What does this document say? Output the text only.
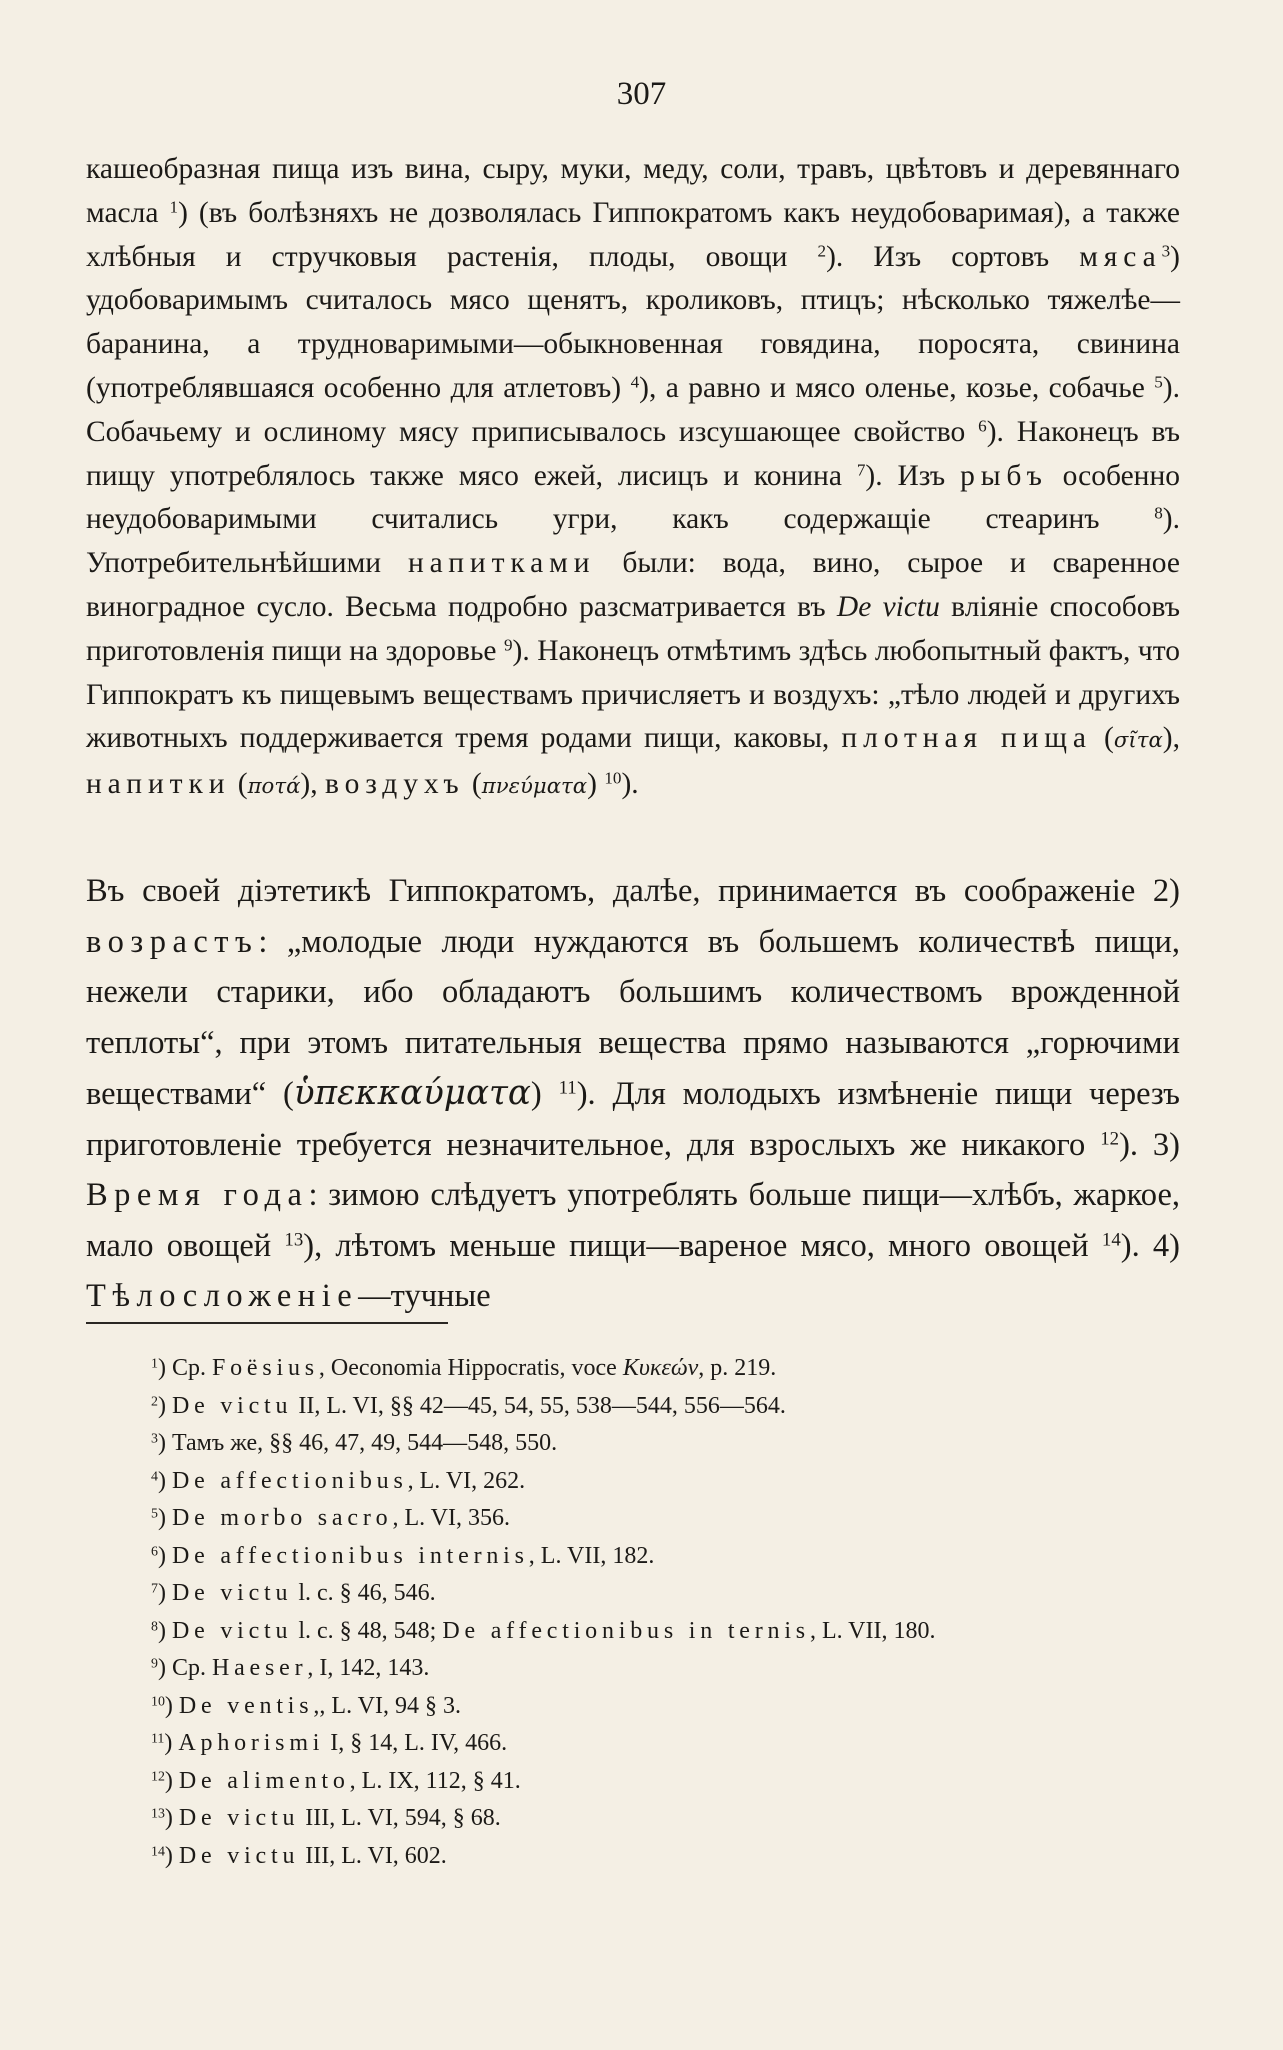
307

кашеобразная пища изъ вина, сыру, муки, меду, соли, травъ, цвѣтовъ и деревяннаго масла $^1$) (въ болѣзняхъ не дозволялась Гиппократомъ какъ неудобоваримая), а также хлѣбныя и стручковыя растенія, плоды, овощи $^2$). Изъ сортовъ мяса$^3$) удобоваримымъ считалось мясо щенятъ, кроликовъ, птицъ; нѣсколько тяжелѣе—баранина, а трудноваримыми—обыкновенная говядина, поросята, свинина (употреблявшаяся особенно для атлетовъ) $^4$), а равно и мясо оленье, козье, собачье $^5$). Собачьему и ослиному мясу приписывалось изсушающее свойство $^6$). Наконецъ въ пищу употреблялось также мясо ежей, лисицъ и конина $^7$). Изъ рыбъ особенно неудобоваримыми считались угри, какъ содержащіе стеаринъ $^8$). Употребительнѣйшими напитками были: вода, вино, сырое и сваренное виноградное сусло. Весьма подробно разсматривается въ De victu вліяніе способовъ приготовленія пищи на здоровье $^9$). Наконецъ отмѣтимъ здѣсь любопытный фактъ, что Гиппократъ къ пищевымъ веществамъ причисляетъ и воздухъ: „тѣло людей и другихъ животныхъ поддерживается тремя родами пищи, каковы, плотная пища (σῖτα), напитки (ποτά), воздухъ (πνεύματα) $^{10}$).

Въ своей діэтетикѣ Гиппократомъ, далѣе, принимается въ соображеніе 2) возрастъ: „молодые люди нуждаются въ большемъ количествѣ пищи, нежели старики, ибо обладаютъ большимъ количествомъ врожденной теплоты“, при этомъ питательныя вещества прямо называются „горючими веществами“ (ὑπεκκαύματα) $^{11}$). Для молодыхъ измѣненіе пищи черезъ приготовленіе требуется незначительное, для взрослыхъ же никакого $^{12}$). 3) Время года: зимою слѣдуетъ употреблять больше пищи—хлѣбъ, жаркое, мало овощей $^{13}$), лѣтомъ меньше пищи—вареное мясо, много овощей $^{14}$). 4) Тѣлосложеніе—тучные

$^1$) Ср. Foësius, Oeconomia Hippocratis, voce Κυκεών, p. 219.
$^2$) De victu II, L. VI, §§ 42—45, 54, 55, 538—544, 556—564.
$^3$) Тамъ же, §§ 46, 47, 49, 544—548, 550.
$^4$) De affectionibus, L. VI, 262.
$^5$) De morbo sacro, L. VI, 356.
$^6$) De affectionibus internis, L. VII, 182.
$^7$) De victu l. c. § 46, 546.
$^8$) De victu l. c. § 48, 548; De affectionibus in ternis, L. VII, 180.
$^9$) Ср. Haeser, I, 142, 143.
$^{10}$) De ventis,, L. VI, 94 § 3.
$^{11}$) Aphorismi I, § 14, L. IV, 466.
$^{12}$) De alimento, L. IX, 112, § 41.
$^{13}$) De victu III, L. VI, 594, § 68.
$^{14}$) De victu III, L. VI, 602.
